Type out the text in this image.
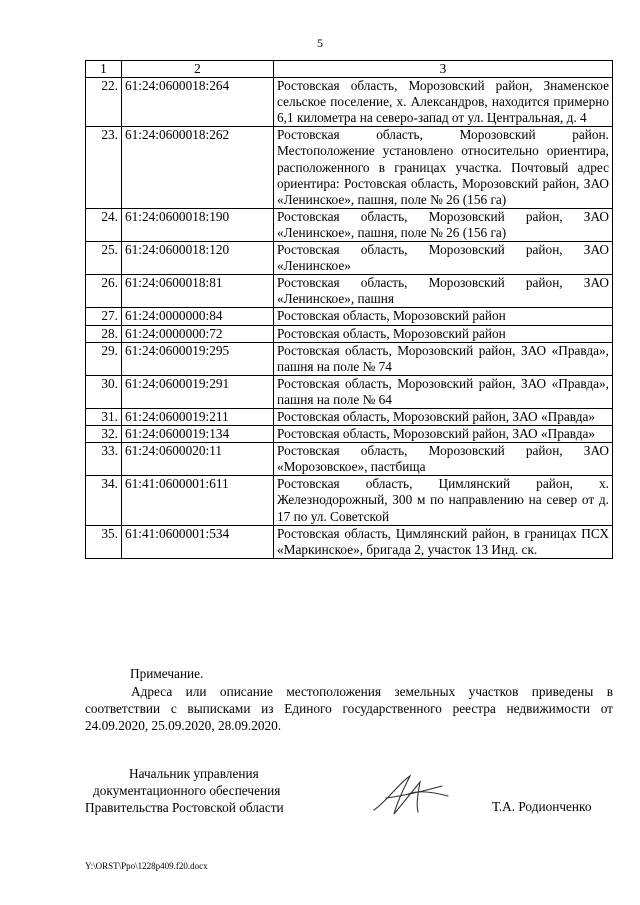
5
1	2	3
22.	61:24:0600018:264	Ростовская область, Морозовский район, Знаменское сельское поселение, х. Александров, находится примерно 6,1 километра на северо-запад от ул. Центральная, д. 4
23.	61:24:0600018:262	Ростовская область, Морозовский район. Местоположение установлено относительно ориентира, расположенного в границах участка. Почтовый адрес ориентира: Ростовская область, Морозовский район, ЗАО «Ленинское», пашня, поле № 26 (156 га)
24.	61:24:0600018:190	Ростовская область, Морозовский район, ЗАО «Ленинское», пашня, поле № 26 (156 га)
25.	61:24:0600018:120	Ростовская область, Морозовский район, ЗАО «Ленинское»
26.	61:24:0600018:81	Ростовская область, Морозовский район, ЗАО «Ленинское», пашня
27.	61:24:0000000:84	Ростовская область, Морозовский район
28.	61:24:0000000:72	Ростовская область, Морозовский район
29.	61:24:0600019:295	Ростовская область, Морозовский район, ЗАО «Правда», пашня на поле № 74
30.	61:24:0600019:291	Ростовская область, Морозовский район, ЗАО «Правда», пашня на поле № 64
31.	61:24:0600019:211	Ростовская область, Морозовский район, ЗАО «Правда»
32.	61:24:0600019:134	Ростовская область, Морозовский район, ЗАО «Правда»
33.	61:24:0600020:11	Ростовская область, Морозовский район, ЗАО «Морозовское», пастбища
34.	61:41:0600001:611	Ростовская область, Цимлянский район, х. Железнодорожный, 300 м по направлению на север от д. 17 по ул. Советской
35.	61:41:0600001:534	Ростовская область, Цимлянский район, в границах ПСХ «Маркинское», бригада 2, участок 13 Инд. ск.
Примечание.
Адреса или описание местоположения земельных участков приведены в соответствии с выписками из Единого государственного реестра недвижимости от 24.09.2020, 25.09.2020, 28.09.2020.
Начальник управления
документационного обеспечения
Правительства Ростовской области	Т.А. Родионченко
Y:\ORST\Ppo\1228p409.f20.docx
